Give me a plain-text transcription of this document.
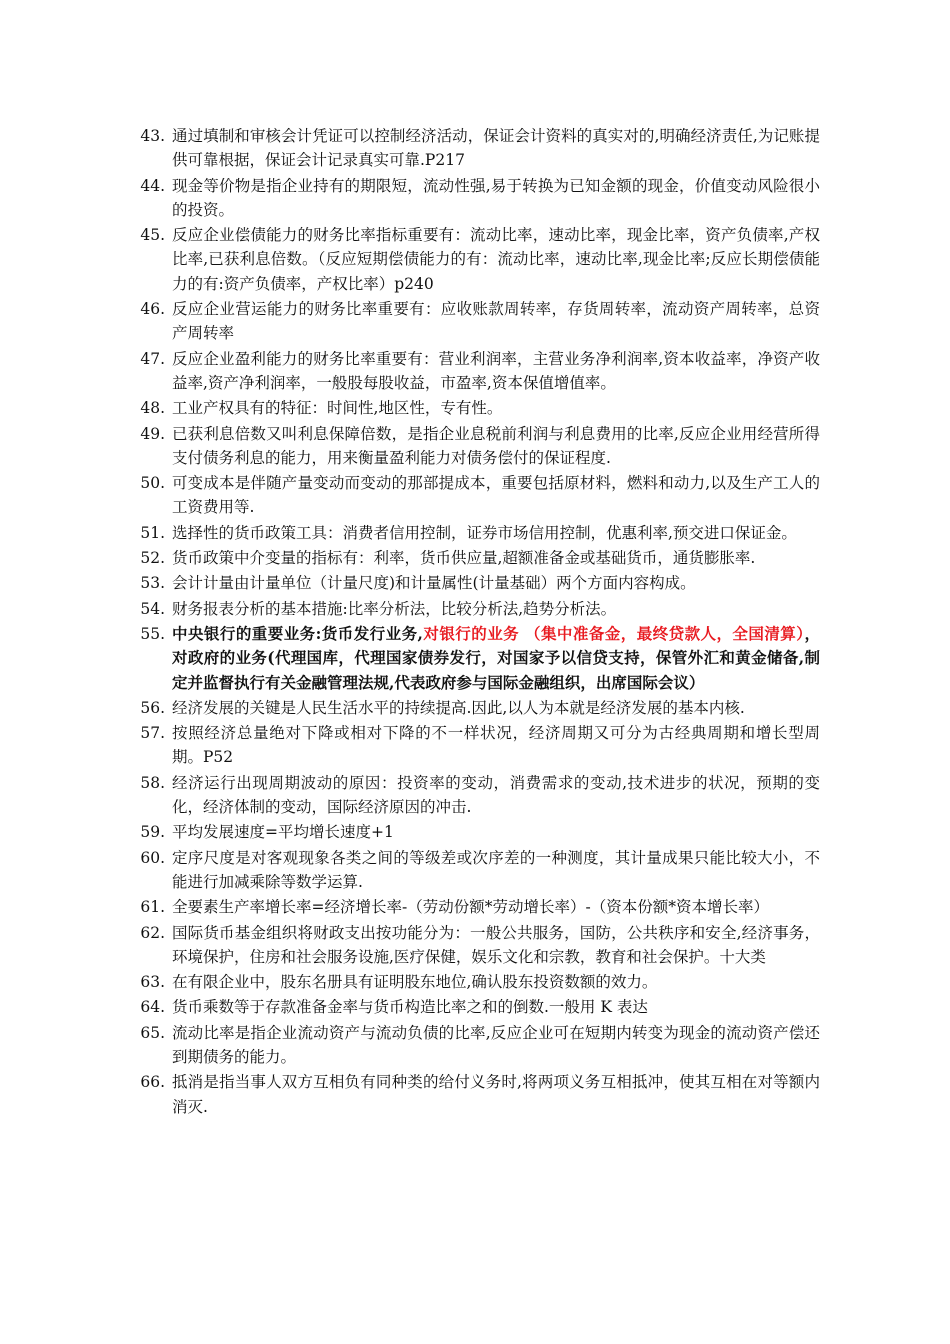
43. 通过填制和审核会计凭证可以控制经济活动，保证会计资料的真实对的,明确经济责任,为记账提供可靠根据，保证会计记录真实可靠.P217
44. 现金等价物是指企业持有的期限短，流动性强,易于转换为已知金额的现金，价值变动风险很小的投资。
45. 反应企业偿债能力的财务比率指标重要有：流动比率，速动比率，现金比率，资产负债率,产权比率,已获利息倍数。（反应短期偿债能力的有：流动比率，速动比率,现金比率;反应长期偿债能力的有:资产负债率，产权比率）p240
46. 反应企业营运能力的财务比率重要有：应收账款周转率，存货周转率，流动资产周转率，总资产周转率
47. 反应企业盈利能力的财务比率重要有：营业利润率，主营业务净利润率,资本收益率，净资产收益率,资产净利润率，一般股每股收益，市盈率,资本保值增值率。
48. 工业产权具有的特征：时间性,地区性，专有性。
49. 已获利息倍数又叫利息保障倍数，是指企业息税前利润与利息费用的比率,反应企业用经营所得支付债务利息的能力，用来衡量盈利能力对债务偿付的保证程度.
50. 可变成本是伴随产量变动而变动的那部提成本，重要包括原材料，燃料和动力,以及生产工人的工资费用等.
51. 选择性的货币政策工具：消费者信用控制，证券市场信用控制，优惠利率,预交进口保证金。
52. 货币政策中介变量的指标有：利率，货币供应量,超额准备金或基础货币，通货膨胀率.
53. 会计计量由计量单位（计量尺度)和计量属性(计量基础）两个方面内容构成。
54. 财务报表分析的基本措施:比率分析法，比较分析法,趋势分析法。
55. 中央银行的重要业务:货币发行业务,对银行的业务 （集中准备金，最终贷款人，全国清算）， 对政府的业务(代理国库，代理国家债券发行，对国家予以信贷支持，保管外汇和黄金储备,制定并监督执行有关金融管理法规,代表政府参与国际金融组织，出席国际会议）
56. 经济发展的关键是人民生活水平的持续提高.因此,以人为本就是经济发展的基本内核.
57. 按照经济总量绝对下降或相对下降的不一样状况，经济周期又可分为古经典周期和增长型周期。P52
58. 经济运行出现周期波动的原因：投资率的变动，消费需求的变动,技术进步的状况，预期的变化，经济体制的变动，国际经济原因的冲击.
59. 平均发展速度=平均增长速度+1
60. 定序尺度是对客观现象各类之间的等级差或次序差的一种测度，其计量成果只能比较大小，不能进行加减乘除等数学运算.
61. 全要素生产率增长率=经济增长率-（劳动份额*劳动增长率）-（资本份额*资本增长率）
62. 国际货币基金组织将财政支出按功能分为：一般公共服务，国防，公共秩序和安全,经济事务，环境保护，住房和社会服务设施,医疗保健，娱乐文化和宗教，教育和社会保护。十大类
63. 在有限企业中，股东名册具有证明股东地位,确认股东投资数额的效力。
64. 货币乘数等于存款准备金率与货币构造比率之和的倒数.一般用 K 表达
65. 流动比率是指企业流动资产与流动负债的比率,反应企业可在短期内转变为现金的流动资产偿还到期债务的能力。
66. 抵消是指当事人双方互相负有同种类的给付义务时,将两项义务互相抵冲，使其互相在对等额内消灭.
